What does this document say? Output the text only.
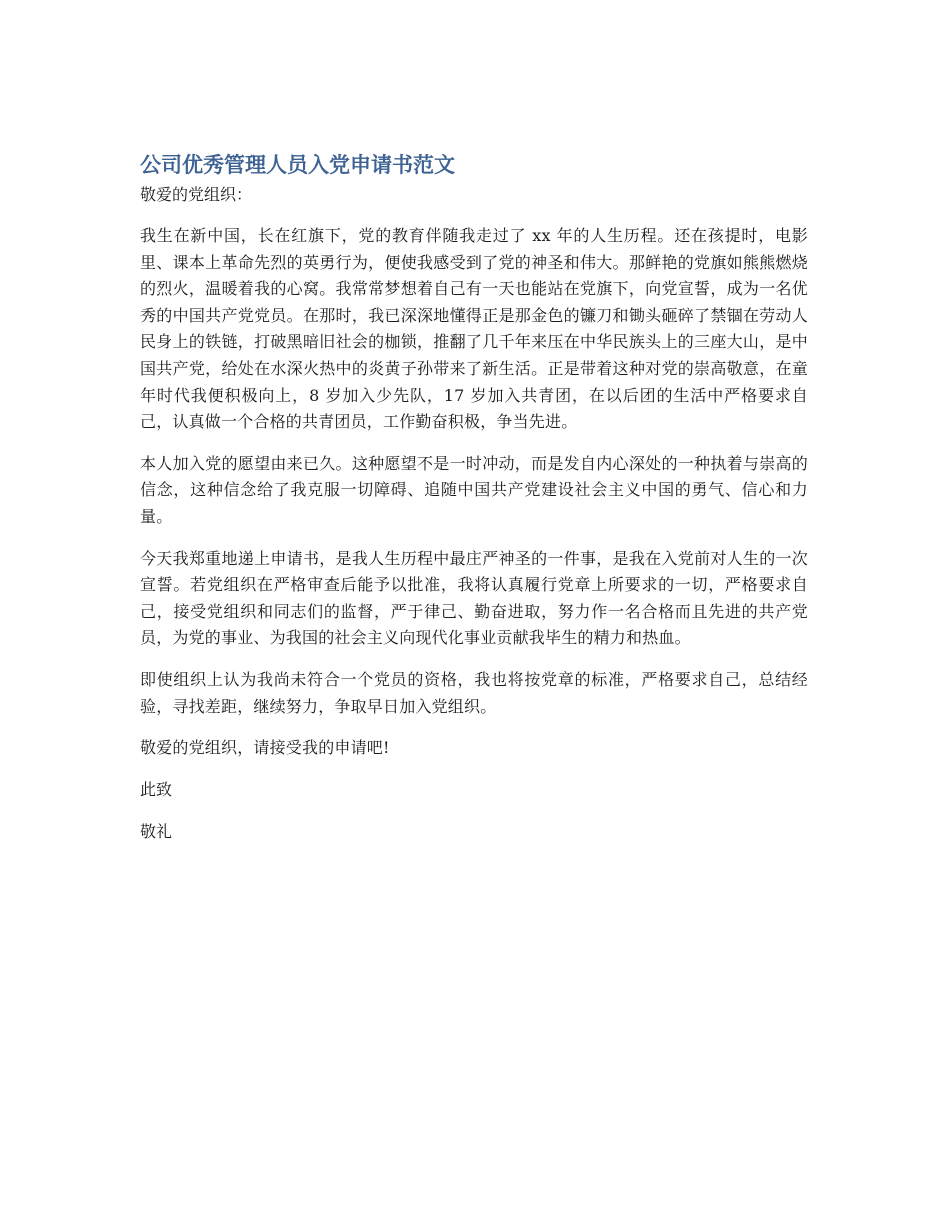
公司优秀管理人员入党申请书范文

敬爱的党组织：

我生在新中国，长在红旗下，党的教育伴随我走过了 xx 年的人生历程。还在孩提时，电影里、课本上革命先烈的英勇行为，便使我感受到了党的神圣和伟大。那鲜艳的党旗如熊熊燃烧的烈火，温暖着我的心窝。我常常梦想着自己有一天也能站在党旗下，向党宣誓，成为一名优秀的中国共产党党员。在那时，我已深深地懂得正是那金色的镰刀和锄头砸碎了禁锢在劳动人民身上的铁链，打破黑暗旧社会的枷锁，推翻了几千年来压在中华民族头上的三座大山，是中国共产党，给处在水深火热中的炎黄子孙带来了新生活。正是带着这种对党的崇高敬意，在童年时代我便积极向上，8 岁加入少先队，17 岁加入共青团，在以后团的生活中严格要求自己，认真做一个合格的共青团员，工作勤奋积极，争当先进。

本人加入党的愿望由来已久。这种愿望不是一时冲动，而是发自内心深处的一种执着与崇高的信念，这种信念给了我克服一切障碍、追随中国共产党建设社会主义中国的勇气、信心和力量。

今天我郑重地递上申请书，是我人生历程中最庄严神圣的一件事，是我在入党前对人生的一次宣誓。若党组织在严格审查后能予以批准，我将认真履行党章上所要求的一切，严格要求自己，接受党组织和同志们的监督，严于律己、勤奋进取，努力作一名合格而且先进的共产党员，为党的事业、为我国的社会主义向现代化事业贡献我毕生的精力和热血。

即使组织上认为我尚未符合一个党员的资格，我也将按党章的标准，严格要求自己，总结经验，寻找差距，继续努力，争取早日加入党组织。

敬爱的党组织，请接受我的申请吧!

此致

敬礼
